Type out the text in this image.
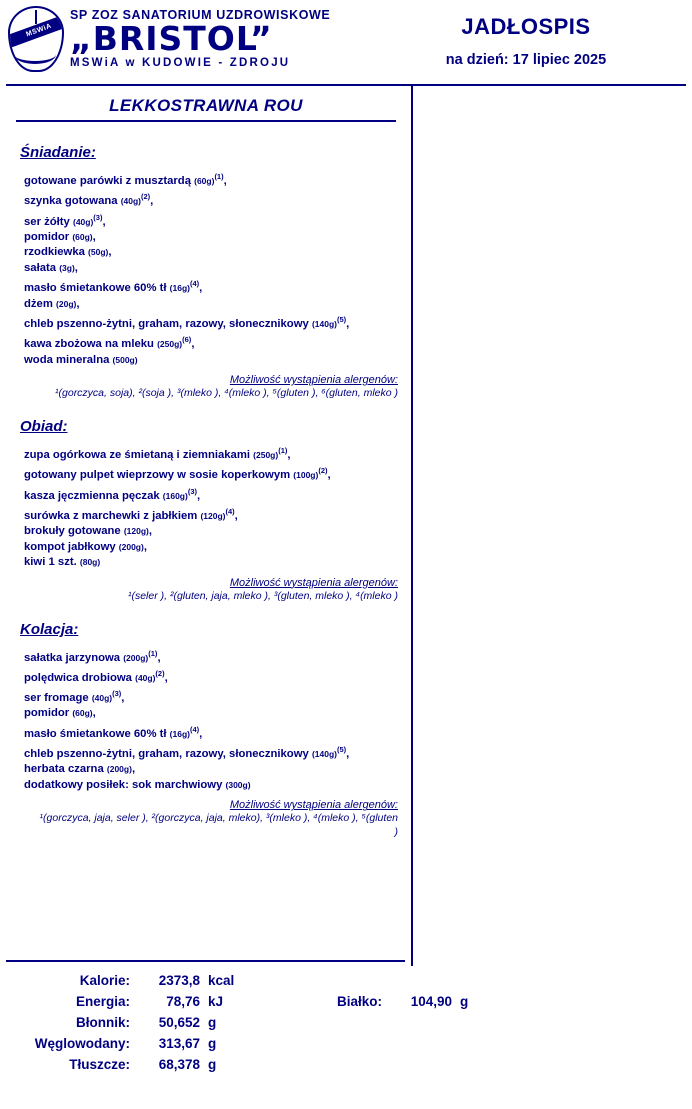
MSWiA
SP ZOZ SANATORIUM UZDROWISKOWE
„BRISTOL”
MSWiA w KUDOWIE - ZDROJU
JADŁOSPIS
na dzień: 17 lipiec 2025
LEKKOSTRAWNA ROU
Śniadanie:
gotowane parówki z musztardą $(60g)^{(1)}$,
szynka gotowana $(40g)^{(2)}$,
ser żółty $(40g)^{(3)}$,
pomidor (60g),
rzodkiewka (50g),
sałata (3g),
masło śmietankowe 60% tł $(16g)^{(4)}$,
dżem (20g),
chleb pszenno-żytni, graham, razowy, słonecznikowy $(140g)^{(5)}$,
kawa zbożowa na mleku $(250g)^{(6)}$,
woda mineralna (500g)
Możliwość wystąpienia alergenów:
¹(gorczyca, soja), ²(soja ), ³(mleko ), ⁴(mleko ), ⁵(gluten ), ⁶(gluten, mleko )
Obiad:
zupa ogórkowa ze śmietaną i ziemniakami $(250g)^{(1)}$,
gotowany pulpet wieprzowy w sosie koperkowym $(100g)^{(2)}$,
kasza jęczmienna pęczak $(160g)^{(3)}$,
surówka z marchewki z jabłkiem $(120g)^{(4)}$,
brokuły gotowane (120g),
kompot jabłkowy (200g),
kiwi 1 szt. (80g)
Możliwość wystąpienia alergenów:
¹(seler ), ²(gluten, jaja, mleko ), ³(gluten, mleko ), ⁴(mleko )
Kolacja:
sałatka jarzynowa $(200g)^{(1)}$,
polędwica drobiowa $(40g)^{(2)}$,
ser fromage $(40g)^{(3)}$,
pomidor (60g),
masło śmietankowe 60% tł $(16g)^{(4)}$,
chleb pszenno-żytni, graham, razowy, słonecznikowy $(140g)^{(5)}$,
herbata czarna (200g),
dodatkowy posiłek: sok marchwiowy (300g)
Możliwość wystąpienia alergenów:
¹(gorczyca, jaja, seler ), ²(gorczyca, jaja, mleko), ³(mleko ), ⁴(mleko ), ⁵(gluten )
Kalorie:	2373,8	kcal			
Energia:	78,76	kJ	Białko:	104,90	g
Błonnik:	50,652	g			
Węglowodany:	313,67	g			
Tłuszcze:	68,378	g			
